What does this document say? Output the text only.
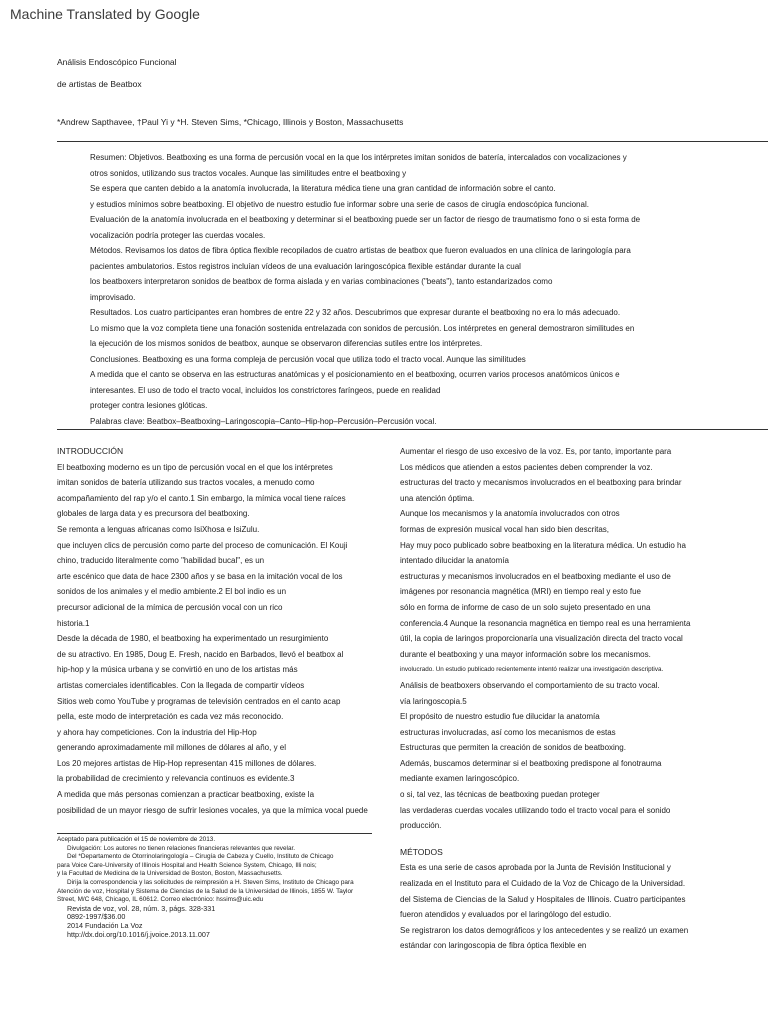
Machine Translated by Google
Análisis Endoscópico Funcional
de artistas de Beatbox
*Andrew Sapthavee, †Paul Yi y *H. Steven Sims, *Chicago, Illinois y Boston, Massachusetts
Resumen: Objetivos. Beatboxing es una forma de percusión vocal en la que los intérpretes imitan sonidos de batería, intercalados con vocalizaciones y
otros sonidos, utilizando sus tractos vocales. Aunque las similitudes entre el beatboxing y
Se espera que canten debido a la anatomía involucrada, la literatura médica tiene una gran cantidad de información sobre el canto.
y estudios mínimos sobre beatboxing. El objetivo de nuestro estudio fue informar sobre una serie de casos de cirugía endoscópica funcional.
Evaluación de la anatomía involucrada en el beatboxing y determinar si el beatboxing puede ser un factor de riesgo de traumatismo fono o si esta forma de
vocalización podría proteger las cuerdas vocales.
Métodos. Revisamos los datos de fibra óptica flexible recopilados de cuatro artistas de beatbox que fueron evaluados en una clínica de laringología para
pacientes ambulatorios. Estos registros incluían vídeos de una evaluación laringoscópica flexible estándar durante la cual
los beatboxers interpretaron sonidos de beatbox de forma aislada y en varias combinaciones ("beats"), tanto estandarizados como
improvisado.
Resultados. Los cuatro participantes eran hombres de entre 22 y 32 años. Descubrimos que expresar durante el beatboxing no era lo más adecuado.
Lo mismo que la voz completa tiene una fonación sostenida entrelazada con sonidos de percusión. Los intérpretes en general demostraron similitudes en
la ejecución de los mismos sonidos de beatbox, aunque se observaron diferencias sutiles entre los intérpretes.
Conclusiones. Beatboxing es una forma compleja de percusión vocal que utiliza todo el tracto vocal. Aunque las similitudes
A medida que el canto se observa en las estructuras anatómicas y el posicionamiento en el beatboxing, ocurren varios procesos anatómicos únicos e
interesantes. El uso de todo el tracto vocal, incluidos los constrictores faríngeos, puede en realidad
proteger contra lesiones glóticas.
Palabras clave: Beatbox–Beatboxing–Laringoscopia–Canto–Hip-hop–Percusión–Percusión vocal.
INTRODUCCIÓN
El beatboxing moderno es un tipo de percusión vocal en el que los intérpretes
imitan sonidos de batería utilizando sus tractos vocales, a menudo como
acompañamiento del rap y/o el canto.1 Sin embargo, la mímica vocal tiene raíces
globales de larga data y es precursora del beatboxing.
Se remonta a lenguas africanas como IsiXhosa e IsiZulu.
que incluyen clics de percusión como parte del proceso de comunicación. El Kouji
chino, traducido literalmente como "habilidad bucal", es un
arte escénico que data de hace 2300 años y se basa en la imitación vocal de los
sonidos de los animales y el medio ambiente.2 El bol indio es un
precursor adicional de la mímica de percusión vocal con un rico
historia.1
Desde la década de 1980, el beatboxing ha experimentado un resurgimiento
de su atractivo. En 1985, Doug E. Fresh, nacido en Barbados, llevó el beatbox al
hip-hop y la música urbana y se convirtió en uno de los artistas más
artistas comerciales identificables. Con la llegada de compartir vídeos
Sitios web como YouTube y programas de televisión centrados en el canto acap
pella, este modo de interpretación es cada vez más reconocido.
y ahora hay competiciones. Con la industria del Hip-Hop
generando aproximadamente mil millones de dólares al año, y el
Los 20 mejores artistas de Hip-Hop representan 415 millones de dólares.
la probabilidad de crecimiento y relevancia continuos es evidente.3
A medida que más personas comienzan a practicar beatboxing, existe la
posibilidad de un mayor riesgo de sufrir lesiones vocales, ya que la mímica vocal puede
Aceptado para publicación el 15 de noviembre de 2013.
Divulgación: Los autores no tienen relaciones financieras relevantes que revelar.
Del *Departamento de Otorrinolaringología – Cirugía de Cabeza y Cuello, Instituto de Chicago
para Voice Care-University of Illinois Hospital and Health Science System, Chicago, Illi nois;
y la Facultad de Medicina de la Universidad de Boston, Boston, Massachusetts.
Dirija la correspondencia y las solicitudes de reimpresión a H. Steven Sims, Instituto de Chicago para
Atención de voz, Hospital y Sistema de Ciencias de la Salud de la Universidad de Illinois, 1855 W. Taylor
Street, M/C 648, Chicago, IL 60612. Correo electrónico: hssims@uic.edu
Revista de voz, vol. 28, núm. 3, págs. 328-331
0892-1997/$36.00
2014 Fundación La Voz
http://dx.doi.org/10.1016/j.jvoice.2013.11.007
Aumentar el riesgo de uso excesivo de la voz. Es, por tanto, importante para
Los médicos que atienden a estos pacientes deben comprender la voz.
estructuras del tracto y mecanismos involucrados en el beatboxing para brindar
una atención óptima.
Aunque los mecanismos y la anatomía involucrados con otros
formas de expresión musical vocal han sido bien descritas,
Hay muy poco publicado sobre beatboxing en la literatura médica. Un estudio ha
intentado dilucidar la anatomía
estructuras y mecanismos involucrados en el beatboxing mediante el uso de
imágenes por resonancia magnética (MRI) en tiempo real y esto fue
sólo en forma de informe de caso de un solo sujeto presentado en una
conferencia.4 Aunque la resonancia magnética en tiempo real es una herramienta
útil, la copia de laringos proporcionaría una visualización directa del tracto vocal
durante el beatboxing y una mayor información sobre los mecanismos.
involucrado. Un estudio publicado recientemente intentó realizar una investigación descriptiva.
Análisis de beatboxers observando el comportamiento de su tracto vocal.
vía laringoscopia.5
El propósito de nuestro estudio fue dilucidar la anatomía
estructuras involucradas, así como los mecanismos de estas
Estructuras que permiten la creación de sonidos de beatboxing.
Además, buscamos determinar si el beatboxing predispone al fonotrauma
mediante examen laringoscópico.
o si, tal vez, las técnicas de beatboxing puedan proteger
las verdaderas cuerdas vocales utilizando todo el tracto vocal para el sonido
producción.
MÉTODOS
Esta es una serie de casos aprobada por la Junta de Revisión Institucional y
realizada en el Instituto para el Cuidado de la Voz de Chicago de la Universidad.
del Sistema de Ciencias de la Salud y Hospitales de Illinois. Cuatro participantes
fueron atendidos y evaluados por el laringólogo del estudio.
Se registraron los datos demográficos y los antecedentes y se realizó un examen
estándar con laringoscopia de fibra óptica flexible en
